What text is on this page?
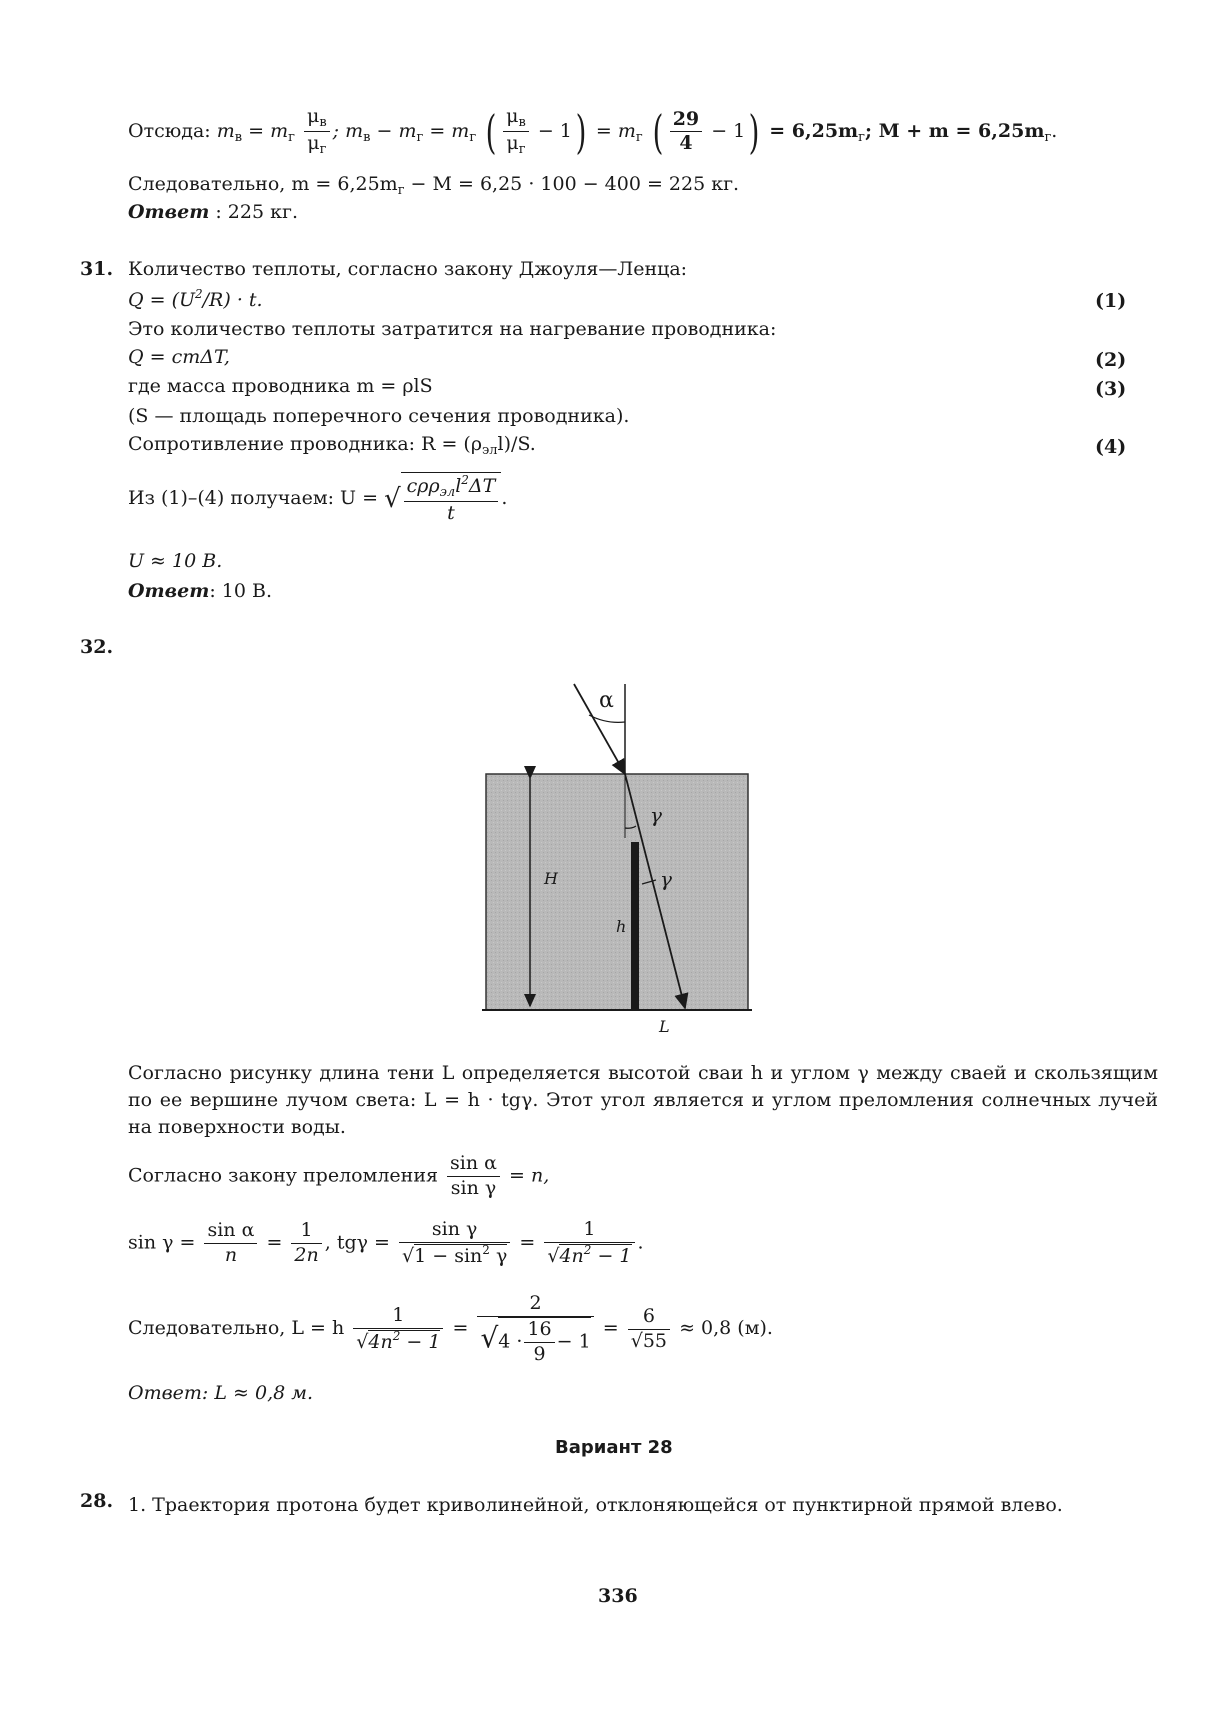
Отсюда: $m_в = m_г \frac{\mu_в}{\mu_г}$ ; $m_в - m_г = m_г$ ( $\frac{\mu_в}{\mu_г} - 1) = m_г$ ( $\frac{29}{4} - 1) = 6,25m_г$; $M + m = 6,25m_г$.
Следовательно, $m = 6,25m_г - M = 6,25 \cdot 100 - 400 = 225$ кг.
Ответ : 225 кг.
31. Количество теплоты, согласно закону Джоуля—Ленца:
$Q = (U^2/R) \cdot t$.	(1)
Это количество теплоты затратится на нагревание проводника:
Q = cmΔT,	(2)
где масса проводника m = ρlS	(3)
(S — площадь поперечного сечения проводника).
Сопротивление проводника: $R = (\rho_{эл}l)/S$.	(4)
Из (1)–(4) получаем: U = √ $\frac{c\rho\rho_{эл}l^2\Delta T}{t}$ .
U ≈ 10 В.
Ответ: 10 В.
32.
α
γ
γ
H
h
L
Согласно рисунку длина тени L определяется высотой сваи h и углом γ между сваей и скользящим по ее вершине лучом света: L = h · tgγ. Этот угол является и углом преломления солнечных лучей на поверхности воды.
Согласно закону преломления $\frac{\text{sin α}}{\text{sin γ}} = n$,
$\sin \gamma = \frac{\text{sin α}}{n} = \frac{1}{2n}$ , $tg\gamma = \frac{\text{sin γ}}{√1 - \sin^2 \gamma} = \frac{1}{√4n^2 - 1}$ .
Следовательно, L = h $\frac{1}{√4n^2 - 1} = \frac{2}{√4 \cdot \frac{16}{9} - 1} = \frac{6}{√55} \approx 0,8$ (м).
Ответ: L ≈ 0,8 м.
Вариант 28
28. 1. Траектория протона будет криволинейной, отклоняющейся от пунктирной прямой влево.
336
